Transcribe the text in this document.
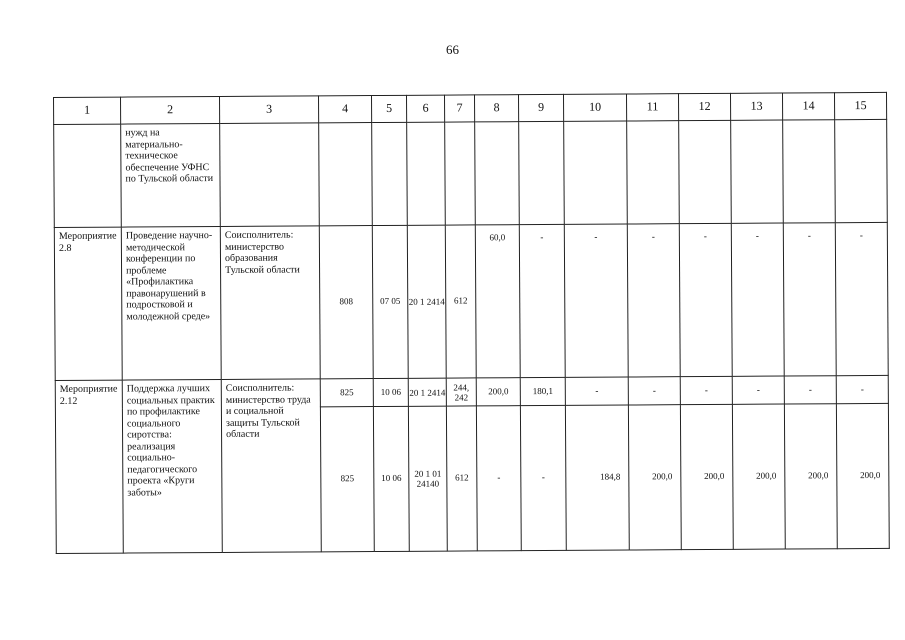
66
1	2	3	4	5	6	7	8	9	10	11	12	13	14	15
	нужд на материально-техническое обеспечение УФНС по Тульской области													
Мероприятие 2.8	Проведение научно-методической конференции по проблеме «Профилактика правонарушений в подростковой и молодежной среде»	Соисполнитель: министерство образования Тульской области	808	07 05	20 1 2414	612	60,0	-	-	-	-	-	-	-
Мероприятие 2.12	Поддержка лучших социальных практик по профилактике социального сиротства: реализация социально-педагогического проекта «Круги заботы»	Соисполнитель: министерство труда и социальной защиты Тульской области	825	10 06	20 1 2414	244, 242	200,0	180,1	-	-	-	-	-	-
			825	10 06	20 1 01 24140	612	-	-	184,8	200,0	200,0	200,0	200,0	200,0
